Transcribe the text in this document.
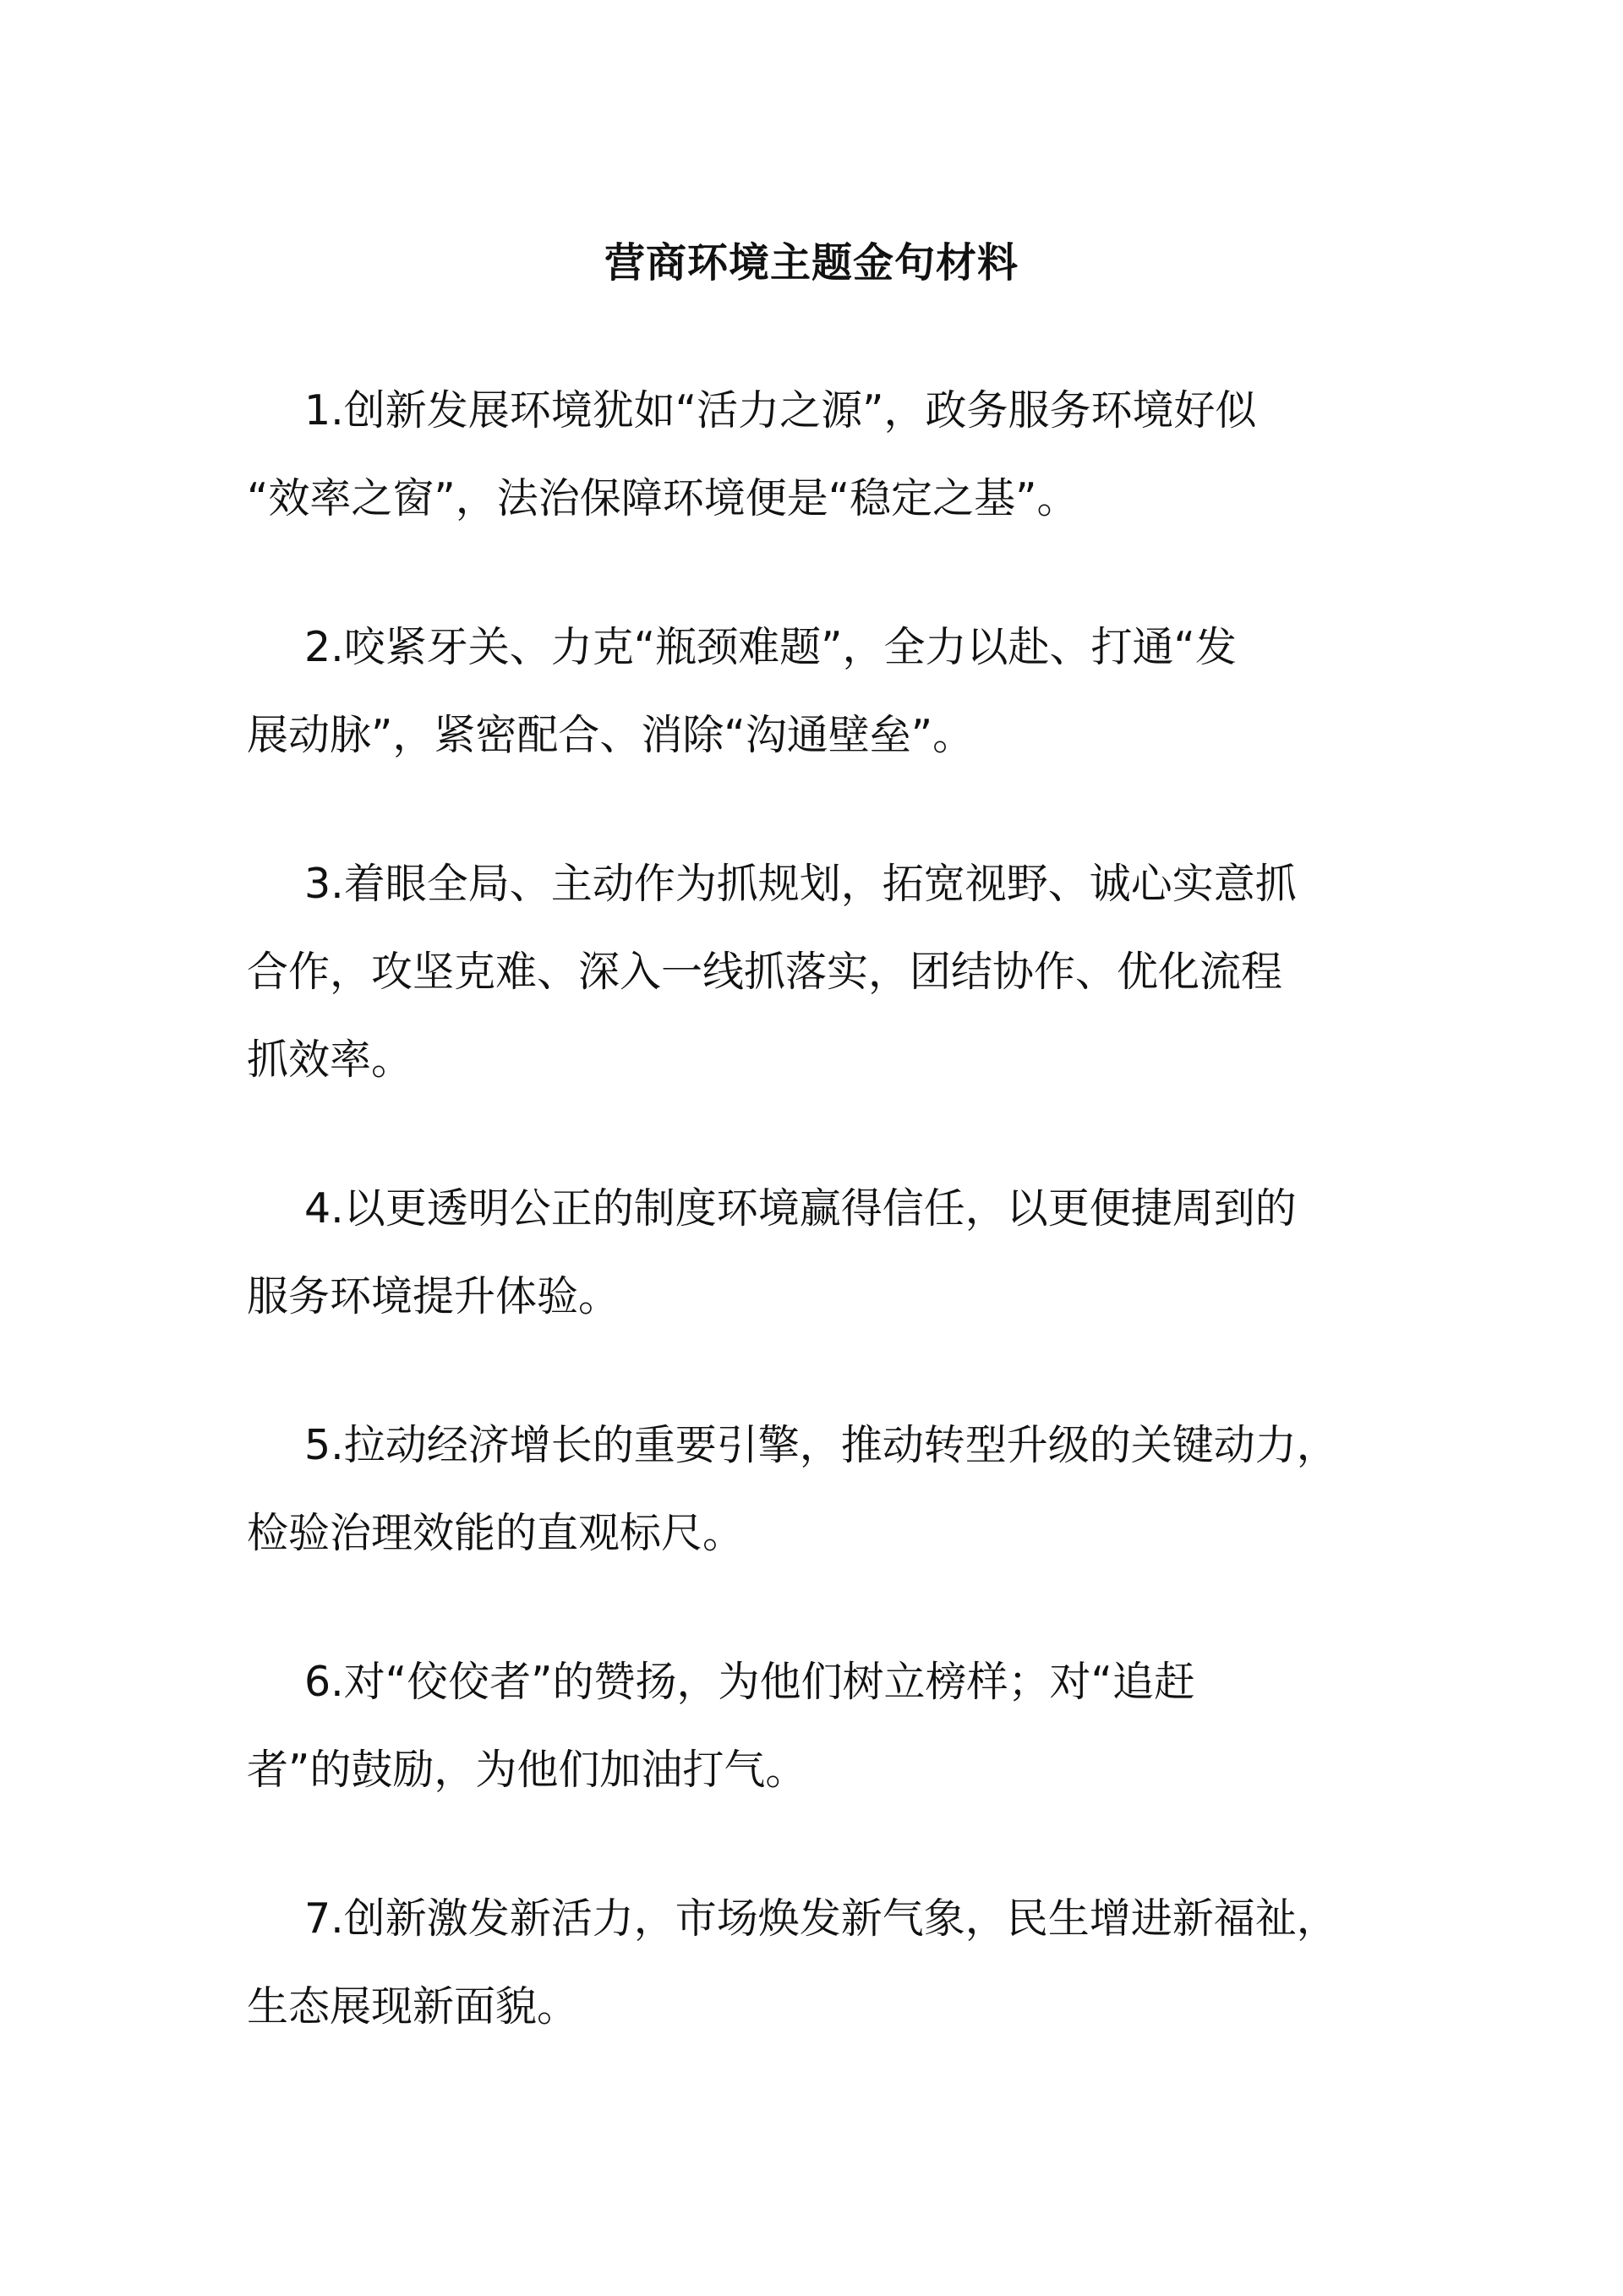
营商环境主题金句材料

1.创新发展环境犹如“活力之源”，政务服务环境好似
“效率之窗”，法治保障环境便是“稳定之基”。

2.咬紧牙关、力克“瓶颈难题”，全力以赴、打通“发
展动脉”，紧密配合、消除“沟通壁垒”。

3.着眼全局、主动作为抓规划，拓宽视野、诚心实意抓
合作，攻坚克难、深入一线抓落实，团结协作、优化流程
抓效率。

4.以更透明公正的制度环境赢得信任，以更便捷周到的
服务环境提升体验。

5.拉动经济增长的重要引擎，推动转型升级的关键动力，
检验治理效能的直观标尺。

6.对“佼佼者”的赞扬，为他们树立榜样；对“追赶
者”的鼓励，为他们加油打气。

7.创新激发新活力，市场焕发新气象，民生增进新福祉，
生态展现新面貌。
